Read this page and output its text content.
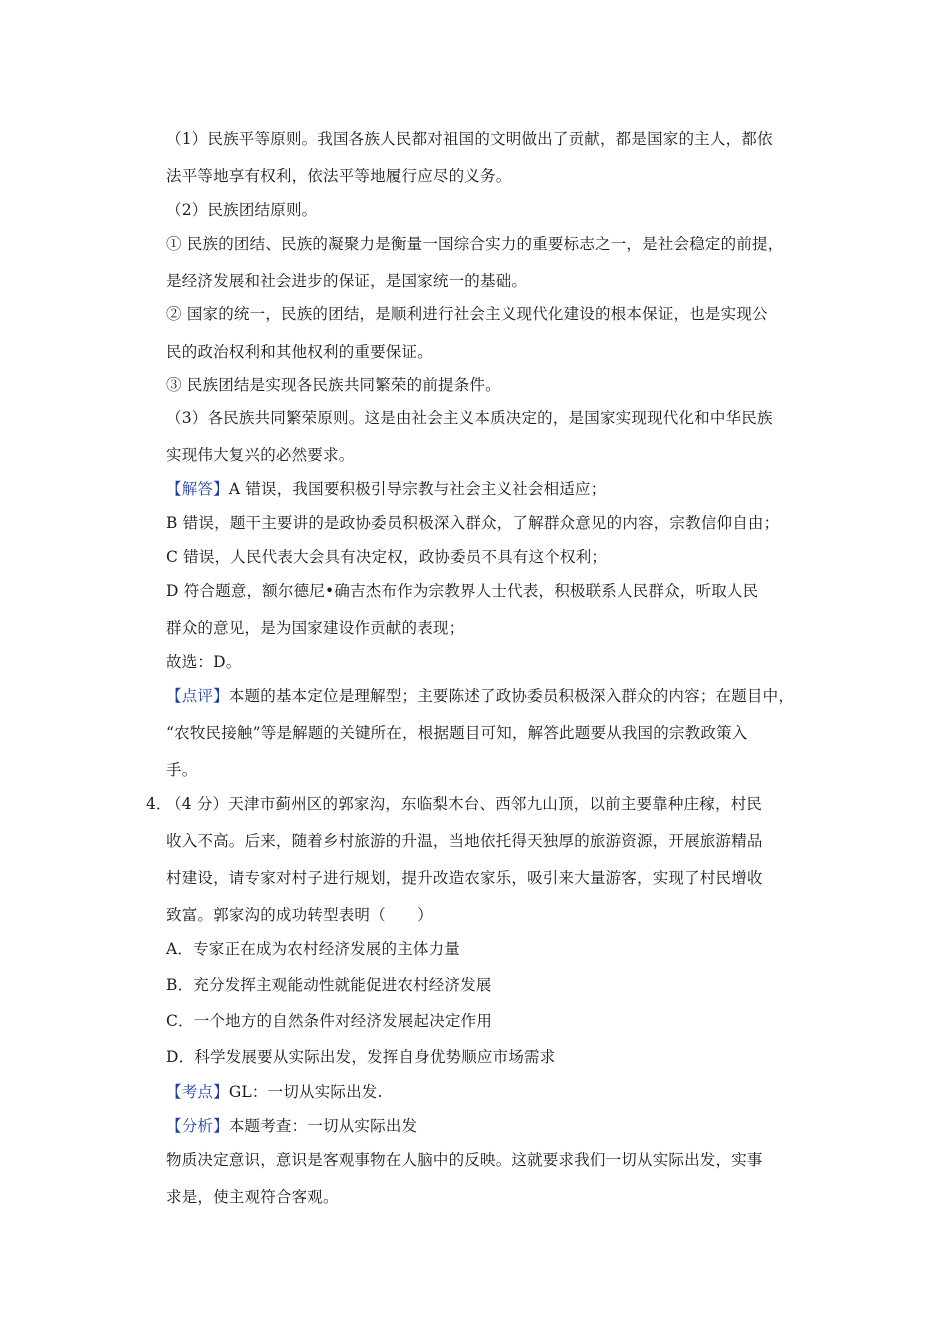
（1）民族平等原则。我国各族人民都对祖国的文明做出了贡献，都是国家的主人，都依
法平等地享有权利，依法平等地履行应尽的义务。
（2）民族团结原则。
① 民族的团结、民族的凝聚力是衡量一国综合实力的重要标志之一，是社会稳定的前提，
是经济发展和社会进步的保证，是国家统一的基础。
② 国家的统一，民族的团结，是顺利进行社会主义现代化建设的根本保证，也是实现公
民的政治权利和其他权利的重要保证。
③ 民族团结是实现各民族共同繁荣的前提条件。
（3）各民族共同繁荣原则。这是由社会主义本质决定的，是国家实现现代化和中华民族
实现伟大复兴的必然要求。
【解答】A 错误，我国要积极引导宗教与社会主义社会相适应；
B 错误，题干主要讲的是政协委员积极深入群众，了解群众意见的内容，宗教信仰自由；
C 错误，人民代表大会具有决定权，政协委员不具有这个权利；
D 符合题意，额尔德尼•确吉杰布作为宗教界人士代表，积极联系人民群众，听取人民
群众的意见，是为国家建设作贡献的表现；
故选：D。
【点评】本题的基本定位是理解型；主要陈述了政协委员积极深入群众的内容；在题目中，
“农牧民接触”等是解题的关键所在，根据题目可知，解答此题要从我国的宗教政策入
手。
4．
（4 分）天津市蓟州区的郭家沟，东临梨木台、西邻九山顶，以前主要靠种庄稼，村民
收入不高。后来，随着乡村旅游的升温，当地依托得天独厚的旅游资源，开展旅游精品
村建设，请专家对村子进行规划，提升改造农家乐，吸引来大量游客，实现了村民增收
致富。郭家沟的成功转型表明（　　）
A．专家正在成为农村经济发展的主体力量
B．充分发挥主观能动性就能促进农村经济发展
C．一个地方的自然条件对经济发展起决定作用
D．科学发展要从实际出发，发挥自身优势顺应市场需求
【考点】GL：一切从实际出发.
【分析】本题考查：一切从实际出发
物质决定意识，意识是客观事物在人脑中的反映。这就要求我们一切从实际出发，实事
求是，使主观符合客观。
